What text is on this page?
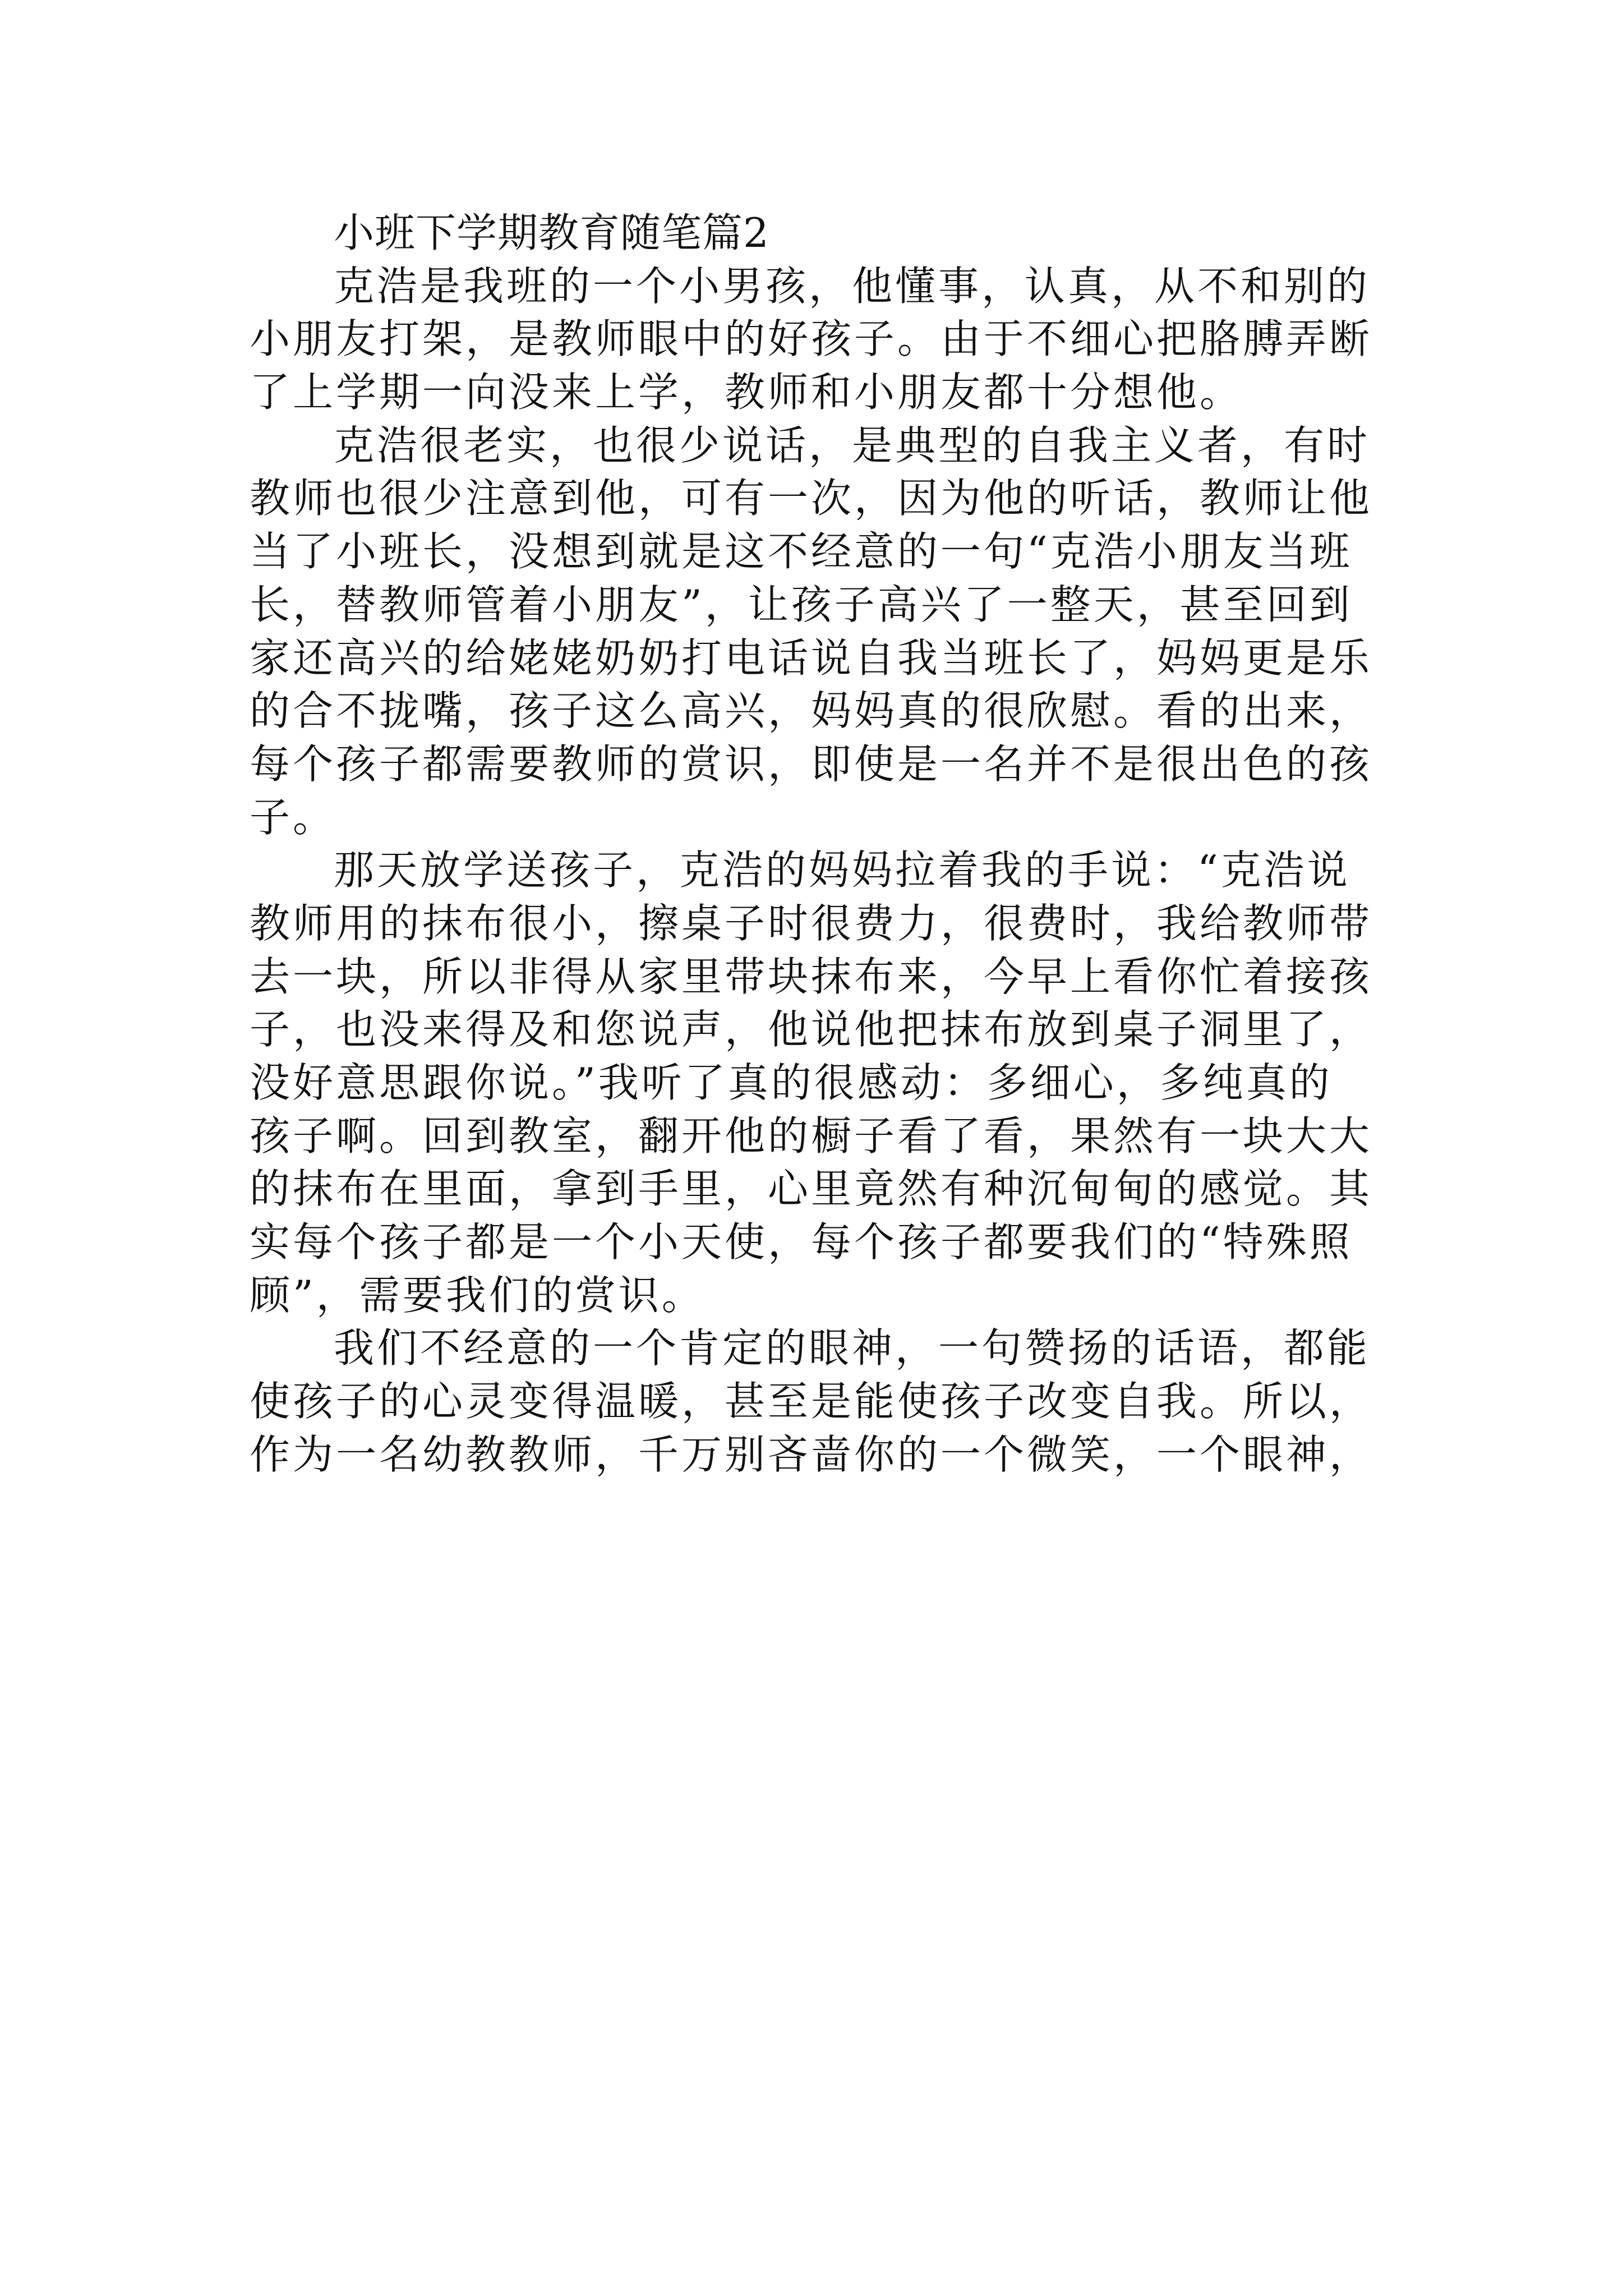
小班下学期教育随笔篇2
克浩是我班的一个小男孩，他懂事，认真，从不和别的
小朋友打架，是教师眼中的好孩子。由于不细心把胳膊弄断
了上学期一向没来上学，教师和小朋友都十分想他。
克浩很老实，也很少说话，是典型的自我主义者，有时
教师也很少注意到他，可有一次，因为他的听话，教师让他
当了小班长，没想到就是这不经意的一句“克浩小朋友当班
长，替教师管着小朋友”，让孩子高兴了一整天，甚至回到
家还高兴的给姥姥奶奶打电话说自我当班长了，妈妈更是乐
的合不拢嘴，孩子这么高兴，妈妈真的很欣慰。看的出来，
每个孩子都需要教师的赏识，即使是一名并不是很出色的孩
子。
那天放学送孩子，克浩的妈妈拉着我的手说：“克浩说
教师用的抹布很小，擦桌子时很费力，很费时，我给教师带
去一块，所以非得从家里带块抹布来，今早上看你忙着接孩
子，也没来得及和您说声，他说他把抹布放到桌子洞里了，
没好意思跟你说。”我听了真的很感动：多细心，多纯真的
孩子啊。回到教室，翻开他的橱子看了看，果然有一块大大
的抹布在里面，拿到手里，心里竟然有种沉甸甸的感觉。其
实每个孩子都是一个小天使，每个孩子都要我们的“特殊照
顾”，需要我们的赏识。
我们不经意的一个肯定的眼神，一句赞扬的话语，都能
使孩子的心灵变得温暖，甚至是能使孩子改变自我。所以，
作为一名幼教教师，千万别吝啬你的一个微笑，一个眼神，
